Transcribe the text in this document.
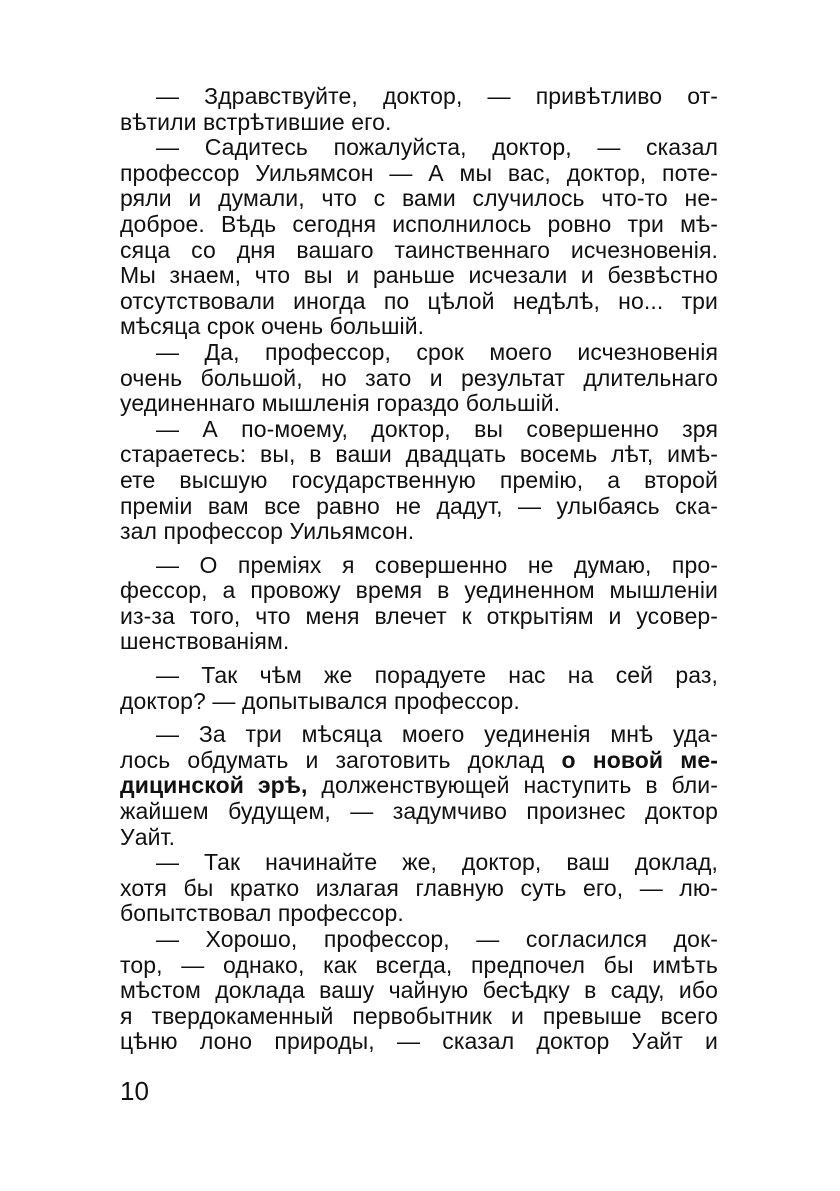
— Здравствуйте, доктор, — привѣтливо от-
вѣтили встрѣтившие его.
— Садитесь пожалуйста, доктор, — сказал
профессор Уильямсон — А мы вас, доктор, поте-
ряли и думали, что с вами случилось что-то не-
доброе. Вѣдь сегодня исполнилось ровно три мѣ-
сяца со дня вашаго таинственнаго исчезновенія.
Мы знаем, что вы и раньше исчезали и безвѣстно
отсутствовали иногда по цѣлой недѣлѣ, но... три
мѣсяца срок очень большій.
— Да, профессор, срок моего исчезновенія
очень большой, но зато и результат длительнаго
уединеннаго мышленія гораздо большій.
— А по-моему, доктор, вы совершенно зря
стараетесь: вы, в ваши двадцать восемь лѣт, имѣ-
ете высшую государственную премію, а второй
преміи вам все равно не дадут, — улыбаясь ска-
зал профессор Уильямсон.
— О преміях я совершенно не думаю, про-
фессор, а провожу время в уединенном мышленіи
из-за того, что меня влечет к открытіям и усовер-
шенствованіям.
— Так чѣм же порадуете нас на сей раз,
доктор? — допытывался профессор.
— За три мѣсяца моего уединенія мнѣ уда-
лось обдумать и заготовить доклад о новой ме-
дицинской эрѣ, долженствующей наступить в бли-
жайшем будущем, — задумчиво произнес доктор
Уайт.
— Так начинайте же, доктор, ваш доклад,
хотя бы кратко излагая главную суть его, — лю-
бопытствовал профессор.
— Хорошо, профессор, — согласился док-
тор, — однако, как всегда, предпочел бы имѣть
мѣстом доклада вашу чайную бесѣдку в саду, ибо
я твердокаменный первобытник и превыше всего
цѣню лоно природы, — сказал доктор Уайт и
10
